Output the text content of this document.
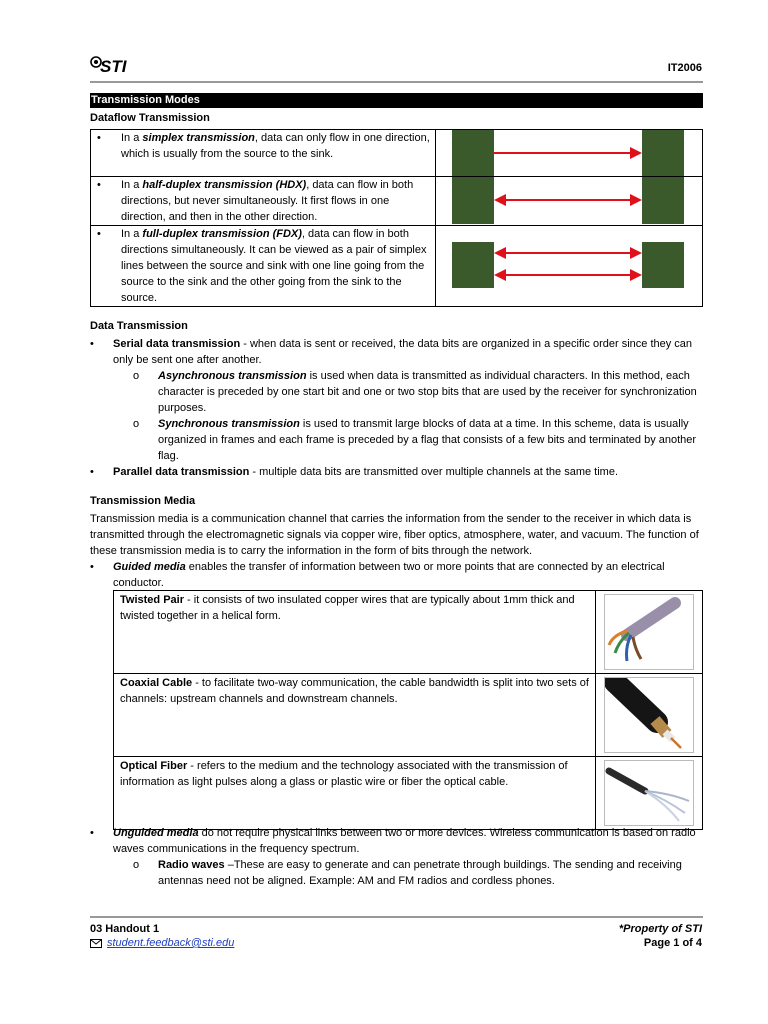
STI	IT2006
Transmission Modes
Dataflow Transmission
• In a simplex transmission, data can only flow in one direction, which is usually from the source to the sink.

• In a half-duplex transmission (HDX), data can flow in both directions, but never simultaneously. It first flows in one direction, and then in the other direction.

• In a full-duplex transmission (FDX), data can flow in both directions simultaneously. It can be viewed as a pair of simplex lines between the source and sink with one line going from the source to the sink and the other going from the sink to the source.

Data Transmission
• Serial data transmission - when data is sent or received, the data bits are organized in a specific order since they can only be sent one after another.
o Asynchronous transmission is used when data is transmitted as individual characters. In this method, each character is preceded by one start bit and one or two stop bits that are used by the receiver for synchronization purposes.
o Synchronous transmission is used to transmit large blocks of data at a time. In this scheme, data is usually organized in frames and each frame is preceded by a flag that consists of a few bits and terminated by another flag.
• Parallel data transmission - multiple data bits are transmitted over multiple channels at the same time.
Transmission Media
Transmission media is a communication channel that carries the information from the sender to the receiver in which data is transmitted through the electromagnetic signals via copper wire, fiber optics, atmosphere, water, and vacuum. The function of these transmission media is to carry the information in the form of bits through the network.
• Guided media enables the transfer of information between two or more points that are connected by an electrical conductor.
Twisted Pair - it consists of two insulated copper wires that are typically about 1mm thick and twisted together in a helical form.	

Coaxial Cable - to facilitate two-way communication, the cable bandwidth is split into two sets of channels: upstream channels and downstream channels.	

Optical Fiber - refers to the medium and the technology associated with the transmission of information as light pulses along a glass or plastic wire or fiber the optical cable.	
• Unguided media do not require physical links between two or more devices. Wireless communication is based on radio waves communications in the frequency spectrum.
o Radio waves –These are easy to generate and can penetrate through buildings. The sending and receiving antennas need not be aligned. Example: AM and FM radios and cordless phones.
03 Handout 1
student.feedback@sti.edu
*Property of STI
Page 1 of 4
